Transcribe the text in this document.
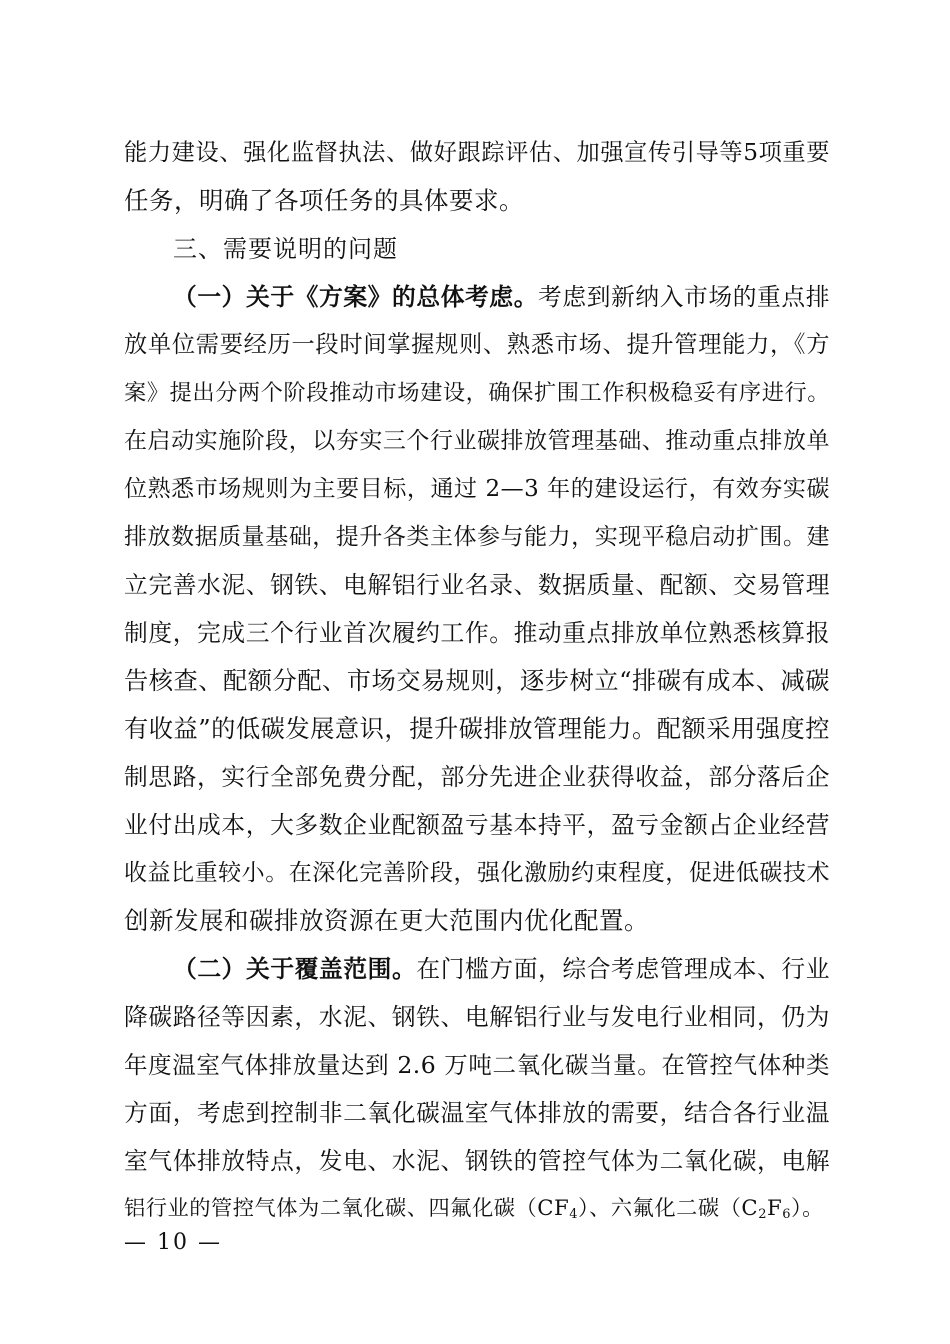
能力建设、强化监督执法、做好跟踪评估、加强宣传引导等5项重要
任务，明确了各项任务的具体要求。
三、需要说明的问题
（一）关于《方案》的总体考虑。考虑到新纳入市场的重点排
放单位需要经历一段时间掌握规则、熟悉市场、提升管理能力，《方
案》提出分两个阶段推动市场建设，确保扩围工作积极稳妥有序进行。
在启动实施阶段，以夯实三个行业碳排放管理基础、推动重点排放单
位熟悉市场规则为主要目标，通过 2—3 年的建设运行，有效夯实碳
排放数据质量基础，提升各类主体参与能力，实现平稳启动扩围。建
立完善水泥、钢铁、电解铝行业名录、数据质量、配额、交易管理
制度，完成三个行业首次履约工作。推动重点排放单位熟悉核算报
告核查、配额分配、市场交易规则，逐步树立“排碳有成本、减碳
有收益”的低碳发展意识，提升碳排放管理能力。配额采用强度控
制思路，实行全部免费分配，部分先进企业获得收益，部分落后企
业付出成本，大多数企业配额盈亏基本持平，盈亏金额占企业经营
收益比重较小。在深化完善阶段，强化激励约束程度，促进低碳技术
创新发展和碳排放资源在更大范围内优化配置。
（二）关于覆盖范围。在门槛方面，综合考虑管理成本、行业
降碳路径等因素，水泥、钢铁、电解铝行业与发电行业相同，仍为
年度温室气体排放量达到 2.6 万吨二氧化碳当量。在管控气体种类
方面，考虑到控制非二氧化碳温室气体排放的需要，结合各行业温
室气体排放特点，发电、水泥、钢铁的管控气体为二氧化碳，电解
铝行业的管控气体为二氧化碳、四氟化碳$(CF_4)$、六氟化二碳$(C_2F_6)$。
— 10 —
